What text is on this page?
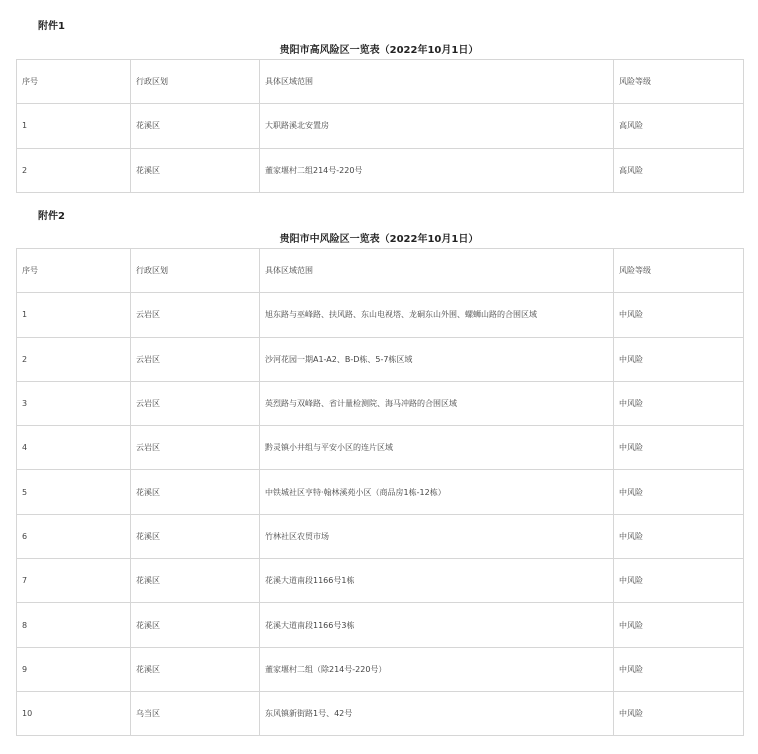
附件1
贵阳市高风险区一览表（2022年10月1日）
序号	行政区划	具体区域范围	风险等级
1	花溪区	大职路溪北安置房	高风险
2	花溪区	董家堰村二组214号-220号	高风险
附件2
贵阳市中风险区一览表（2022年10月1日）
序号	行政区划	具体区域范围	风险等级
1	云岩区	旭东路与巫峰路、扶风路、东山电视塔、龙硐东山外围、螺蛳山路的合围区域	中风险
2	云岩区	沙河花园一期A1-A2、B-D栋、5-7栋区域	中风险
3	云岩区	英烈路与双峰路、省计量检测院、海马冲路的合围区域	中风险
4	云岩区	黔灵镇小井组与平安小区的连片区域	中风险
5	花溪区	中铁城社区亨特·翰林溪苑小区（商品房1栋-12栋）	中风险
6	花溪区	竹林社区农贸市场	中风险
7	花溪区	花溪大道南段1166号1栋	中风险
8	花溪区	花溪大道南段1166号3栋	中风险
9	花溪区	董家堰村二组（除214号-220号）	中风险
10	乌当区	东风镇新街路1号、42号	中风险
